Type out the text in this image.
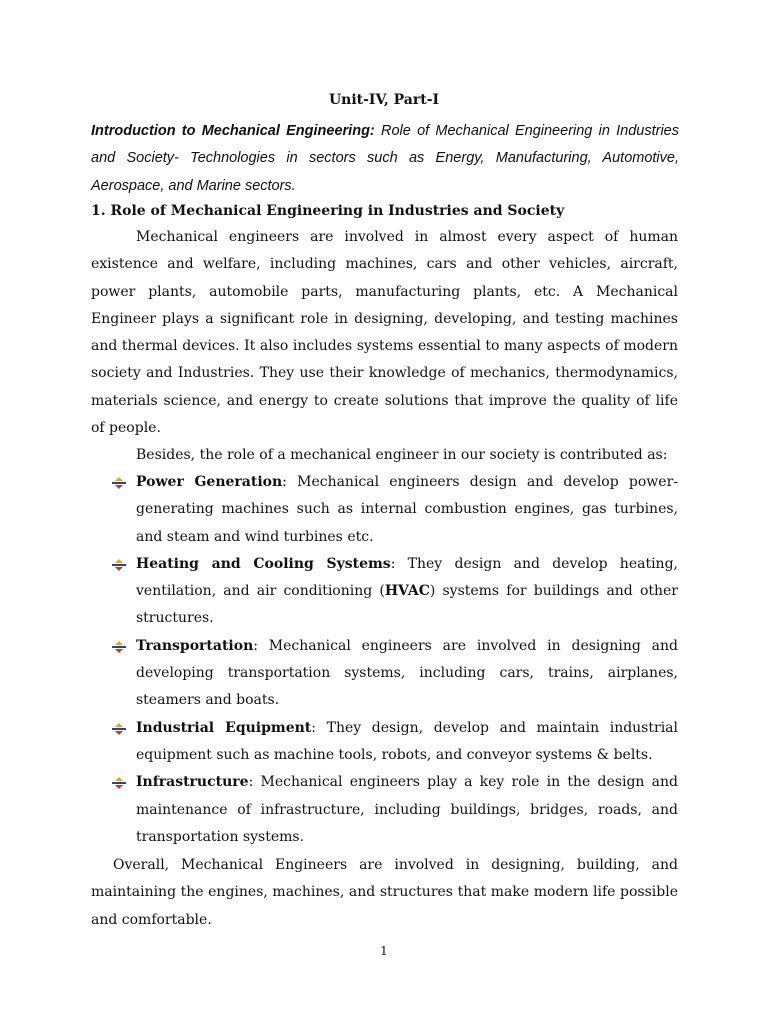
Unit-IV, Part-I
Introduction to Mechanical Engineering: Role of Mechanical Engineering in Industries and Society- Technologies in sectors such as Energy, Manufacturing, Automotive, Aerospace, and Marine sectors.
1. Role of Mechanical Engineering in Industries and Society
Mechanical engineers are involved in almost every aspect of human existence and welfare, including machines, cars and other vehicles, aircraft, power plants, automobile parts, manufacturing plants, etc. A Mechanical Engineer plays a significant role in designing, developing, and testing machines and thermal devices. It also includes systems essential to many aspects of modern society and Industries. They use their knowledge of mechanics, thermodynamics, materials science, and energy to create solutions that improve the quality of life of people.
Besides, the role of a mechanical engineer in our society is contributed as:
Power Generation: Mechanical engineers design and develop power-generating machines such as internal combustion engines, gas turbines, and steam and wind turbines etc.
Heating and Cooling Systems: They design and develop heating, ventilation, and air conditioning (HVAC) systems for buildings and other structures.
Transportation: Mechanical engineers are involved in designing and developing transportation systems, including cars, trains, airplanes, steamers and boats.
Industrial Equipment: They design, develop and maintain industrial equipment such as machine tools, robots, and conveyor systems & belts.
Infrastructure: Mechanical engineers play a key role in the design and maintenance of infrastructure, including buildings, bridges, roads, and transportation systems.
Overall, Mechanical Engineers are involved in designing, building, and maintaining the engines, machines, and structures that make modern life possible and comfortable.
1
